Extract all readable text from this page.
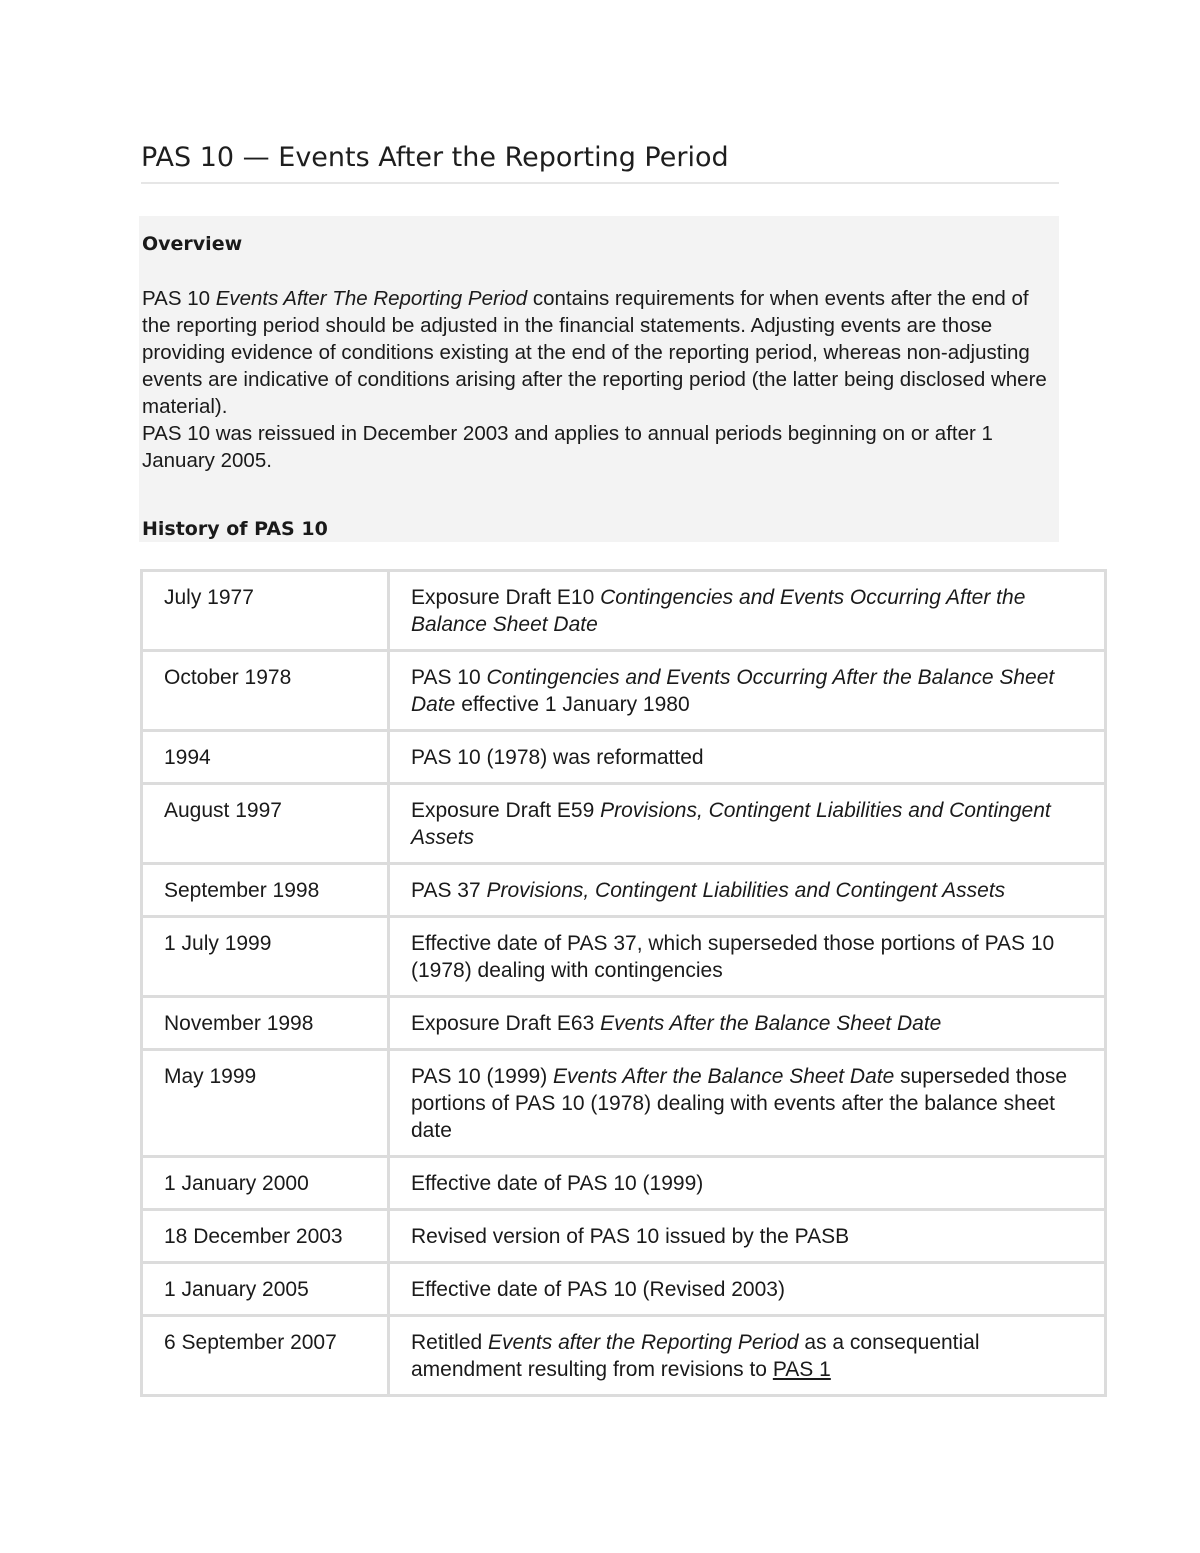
PAS 10 — Events After the Reporting Period
Overview

PAS 10 Events After The Reporting Period contains requirements for when events after the end of the reporting period should be adjusted in the financial statements. Adjusting events are those providing evidence of conditions existing at the end of the reporting period, whereas non-adjusting events are indicative of conditions arising after the reporting period (the latter being disclosed where material).
PAS 10 was reissued in December 2003 and applies to annual periods beginning on or after 1 January 2005.

History of PAS 10
July 1977	Exposure Draft E10 Contingencies and Events Occurring After the Balance Sheet Date
October 1978	PAS 10 Contingencies and Events Occurring After the Balance Sheet Date effective 1 January 1980
1994	PAS 10 (1978) was reformatted
August 1997	Exposure Draft E59 Provisions, Contingent Liabilities and Contingent Assets
September 1998	PAS 37 Provisions, Contingent Liabilities and Contingent Assets
1 July 1999	Effective date of PAS 37, which superseded those portions of PAS 10 (1978) dealing with contingencies
November 1998	Exposure Draft E63 Events After the Balance Sheet Date
May 1999	PAS 10 (1999) Events After the Balance Sheet Date superseded those portions of PAS 10 (1978) dealing with events after the balance sheet date
1 January 2000	Effective date of PAS 10 (1999)
18 December 2003	Revised version of PAS 10 issued by the PASB
1 January 2005	Effective date of PAS 10 (Revised 2003)
6 September 2007	Retitled Events after the Reporting Period as a consequential amendment resulting from revisions to PAS 1
